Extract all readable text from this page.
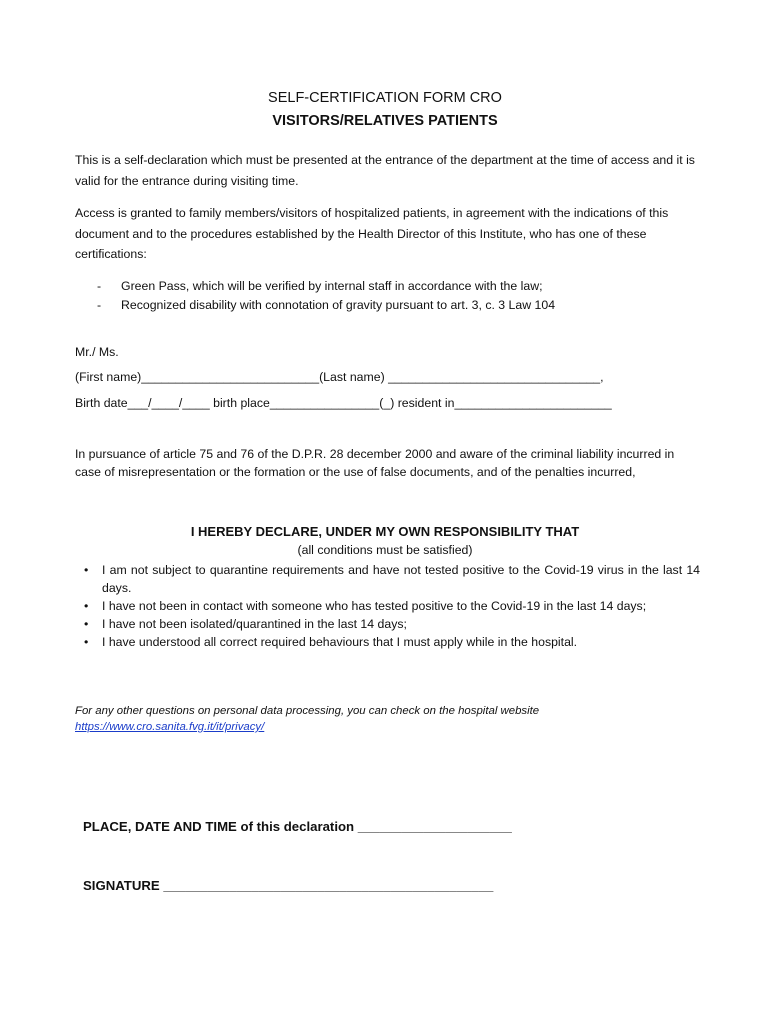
SELF-CERTIFICATION FORM CRO
VISITORS/RELATIVES PATIENTS
This is a self-declaration which must be presented at the entrance of the department at the time of access and it is valid for the entrance during visiting time.
Access is granted to family members/visitors of hospitalized patients, in agreement with the indications of this document and to the procedures established by the Health Director of this Institute, who has one of these certifications:
- Green Pass, which will be verified by internal staff in accordance with the law;
- Recognized disability with connotation of gravity pursuant to art. 3, c. 3 Law 104
Mr./ Ms.
(First name)__________________________(Last name) _______________________________,
Birth date___/____/____ birth place________________(_) resident in_______________________
In pursuance of article 75 and 76 of the D.P.R. 28 december 2000 and aware of the criminal liability incurred in case of misrepresentation or the formation or the use of false documents, and of the penalties incurred,
I HEREBY DECLARE, UNDER MY OWN RESPONSIBILITY THAT
(all conditions must be satisfied)
• I am not subject to quarantine requirements and have not tested positive to the Covid-19 virus in the last 14 days.
• I have not been in contact with someone who has tested positive to the Covid-19 in the last 14 days;
• I have not been isolated/quarantined in the last 14 days;
• I have understood all correct required behaviours that I must apply while in the hospital.
For any other questions on personal data processing, you can check on the hospital website
https://www.cro.sanita.fvg.it/it/privacy/
PLACE, DATE AND TIME of this declaration _____________________
SIGNATURE _____________________________________________
